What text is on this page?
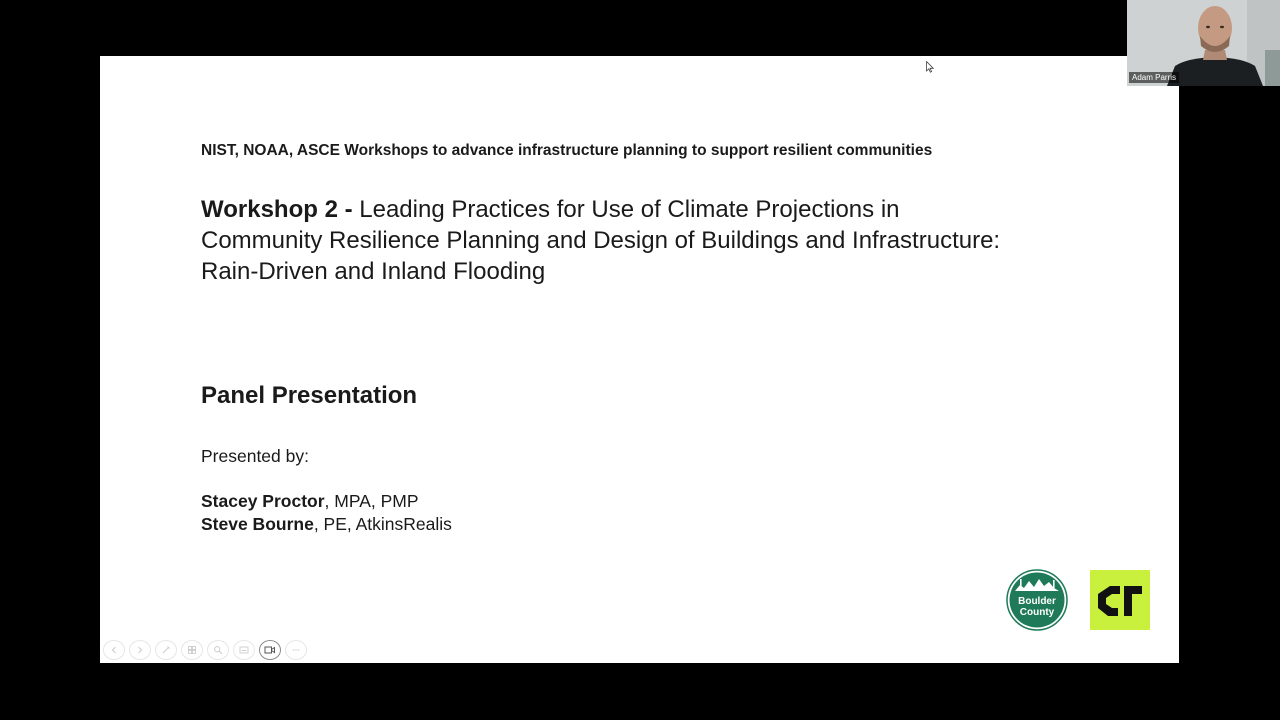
NIST, NOAA, ASCE Workshops to advance infrastructure planning to support resilient communities
Workshop 2 - Leading Practices for Use of Climate Projections in Community Resilience Planning and Design of Buildings and Infrastructure: Rain-Driven and Inland Flooding
Panel Presentation
Presented by:
Stacey Proctor, MPA, PMP
Steve Bourne, PE, AtkinsRealis
Boulder
County
Adam Parris
